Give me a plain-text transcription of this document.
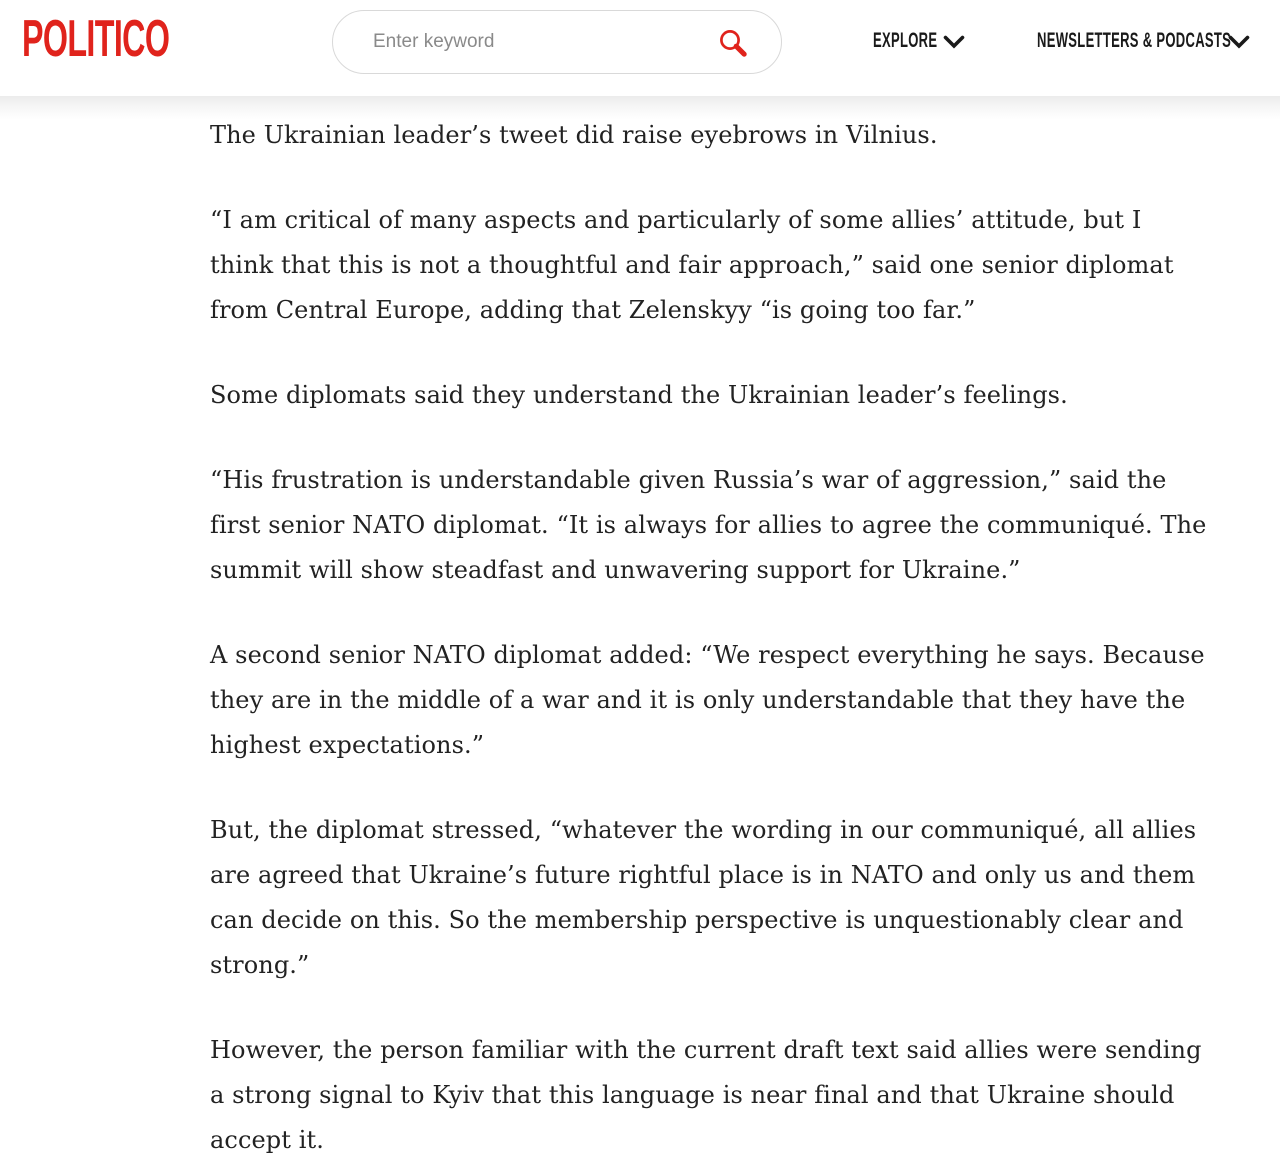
POLITICO
Enter keyword	EXPLORE	NEWSLETTERS & PODCASTS

The Ukrainian leader’s tweet did raise eyebrows in Vilnius.

“I am critical of many aspects and particularly of some allies’ attitude, but I think that this is not a thoughtful and fair approach,” said one senior diplomat from Central Europe, adding that Zelenskyy “is going too far.”

Some diplomats said they understand the Ukrainian leader’s feelings.

“His frustration is understandable given Russia’s war of aggression,” said the first senior NATO diplomat. “It is always for allies to agree the communiqué. The summit will show steadfast and unwavering support for Ukraine.”

A second senior NATO diplomat added: “We respect everything he says. Because they are in the middle of a war and it is only understandable that they have the highest expectations.”

But, the diplomat stressed, “whatever the wording in our communiqué, all allies are agreed that Ukraine’s future rightful place is in NATO and only us and them can decide on this. So the membership perspective is unquestionably clear and strong.”

However, the person familiar with the current draft text said allies were sending a strong signal to Kyiv that this language is near final and that Ukraine should accept it.
